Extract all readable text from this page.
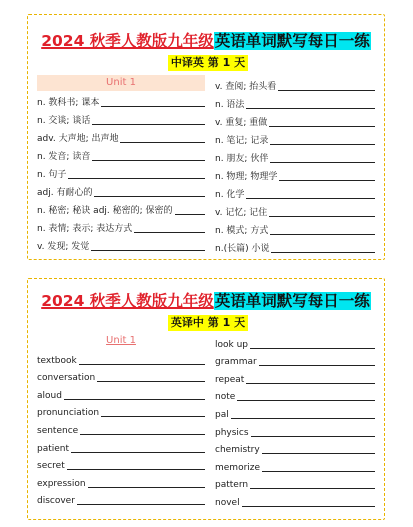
2024 秋季人教版九年级英语单词默写每日一练
中译英 第 1 天
Unit 1
n. 教科书; 课本
n. 交谈; 谈话
adv. 大声地; 出声地
n. 发音; 读音
n. 句子
adj. 有耐心的
n. 秘密; 秘诀 adj. 秘密的; 保密的
n. 表情; 表示; 表达方式
v. 发现; 发觉
v. 查阅; 抬头看
n. 语法
v. 重复; 重做
n. 笔记; 记录
n. 朋友; 伙伴
n. 物理; 物理学
n. 化学
v. 记忆; 记住
n. 模式; 方式
n.(长篇) 小说
2024 秋季人教版九年级英语单词默写每日一练
英译中 第 1 天
Unit 1
textbook
conversation
aloud
pronunciation
sentence
patient
secret
expression
discover
look up
grammar
repeat
note
pal
physics
chemistry
memorize
pattern
novel
